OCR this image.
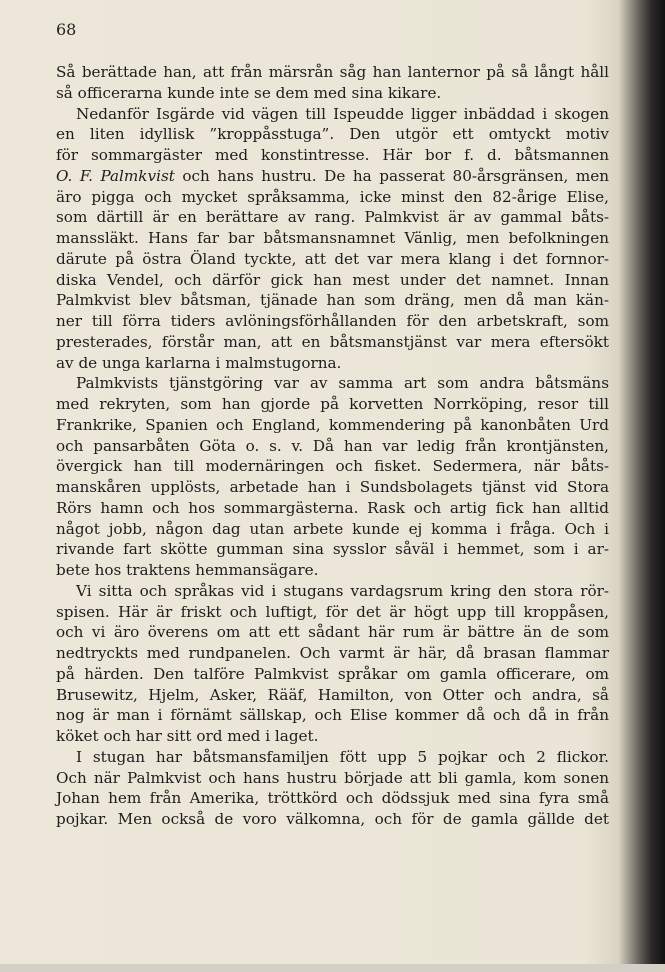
68
Så berättade han, att från märsrån såg han lanternor på så långt håll
så officerarna kunde inte se dem med sina kikare.
Nedanför Isgärde vid vägen till Ispeudde ligger inbäddad i skogen
en liten idyllisk ”kroppåsstuga”. Den utgör ett omtyckt motiv
för sommargäster med konstintresse. Här bor f. d. båtsmannen
O. F. Palmkvist och hans hustru. De ha passerat 80-årsgränsen, men
äro pigga och mycket språksamma, icke minst den 82-årige Elise,
som därtill är en berättare av rang. Palmkvist är av gammal båts-
manssläkt. Hans far bar båtsmansnamnet Vänlig, men befolkningen
därute på östra Öland tyckte, att det var mera klang i det fornnor-
diska Vendel, och därför gick han mest under det namnet. Innan
Palmkvist blev båtsman, tjänade han som dräng, men då man kän-
ner till förra tiders avlöningsförhållanden för den arbetskraft, som
presterades, förstår man, att en båtsmanstjänst var mera eftersökt
av de unga karlarna i malmstugorna.
Palmkvists tjänstgöring var av samma art som andra båtsmäns
med rekryten, som han gjorde på korvetten Norrköping, resor till
Frankrike, Spanien och England, kommendering på kanonbåten Urd
och pansarbåten Göta o. s. v. Då han var ledig från krontjänsten,
övergick han till modernäringen och fisket. Sedermera, när båts-
manskåren upplösts, arbetade han i Sundsbolagets tjänst vid Stora
Rörs hamn och hos sommargästerna. Rask och artig fick han alltid
något jobb, någon dag utan arbete kunde ej komma i fråga. Och i
rivande fart skötte gumman sina sysslor såväl i hemmet, som i ar-
bete hos traktens hemmansägare.
Vi sitta och språkas vid i stugans vardagsrum kring den stora rör-
spisen. Här är friskt och luftigt, för det är högt upp till kroppåsen,
och vi äro överens om att ett sådant här rum är bättre än de som
nedtryckts med rundpanelen. Och varmt är här, då brasan flammar
på härden. Den talföre Palmkvist språkar om gamla officerare, om
Brusewitz, Hjelm, Asker, Rääf, Hamilton, von Otter och andra, så
nog är man i förnämt sällskap, och Elise kommer då och då in från
köket och har sitt ord med i laget.
I stugan har båtsmansfamiljen fött upp 5 pojkar och 2 flickor.
Och när Palmkvist och hans hustru började att bli gamla, kom sonen
Johan hem från Amerika, tröttkörd och dödssjuk med sina fyra små
pojkar. Men också de voro välkomna, och för de gamla gällde det
